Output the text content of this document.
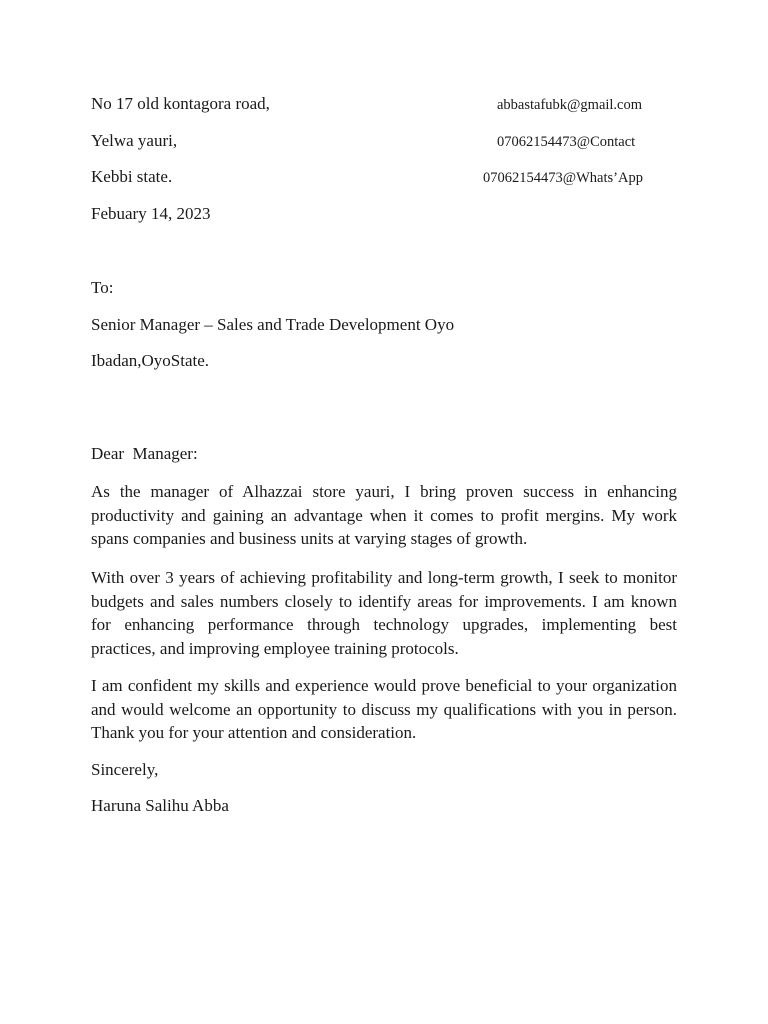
No 17 old kontagora road,
Yelwa yauri,
Kebbi state.
abbastafubk@gmail.com
07062154473@Contact
07062154473@Whats’App
Febuary 14, 2023
To:
Senior Manager – Sales and Trade Development Oyo
Ibadan,OyoState.
Dear  Manager:
As the manager of Alhazzai store yauri, I bring proven success in enhancing productivity and gaining an advantage when it comes to profit mergins. My work spans companies and business units at varying stages of growth.
With over 3 years of achieving profitability and long-term growth, I seek to monitor budgets and sales numbers closely to identify areas for improvements. I am known for enhancing performance through technology upgrades, implementing best practices, and improving employee training protocols.
I am confident my skills and experience would prove beneficial to your organization and would welcome an opportunity to discuss my qualifications with you in person. Thank you for your attention and consideration.
Sincerely,
Haruna Salihu Abba
